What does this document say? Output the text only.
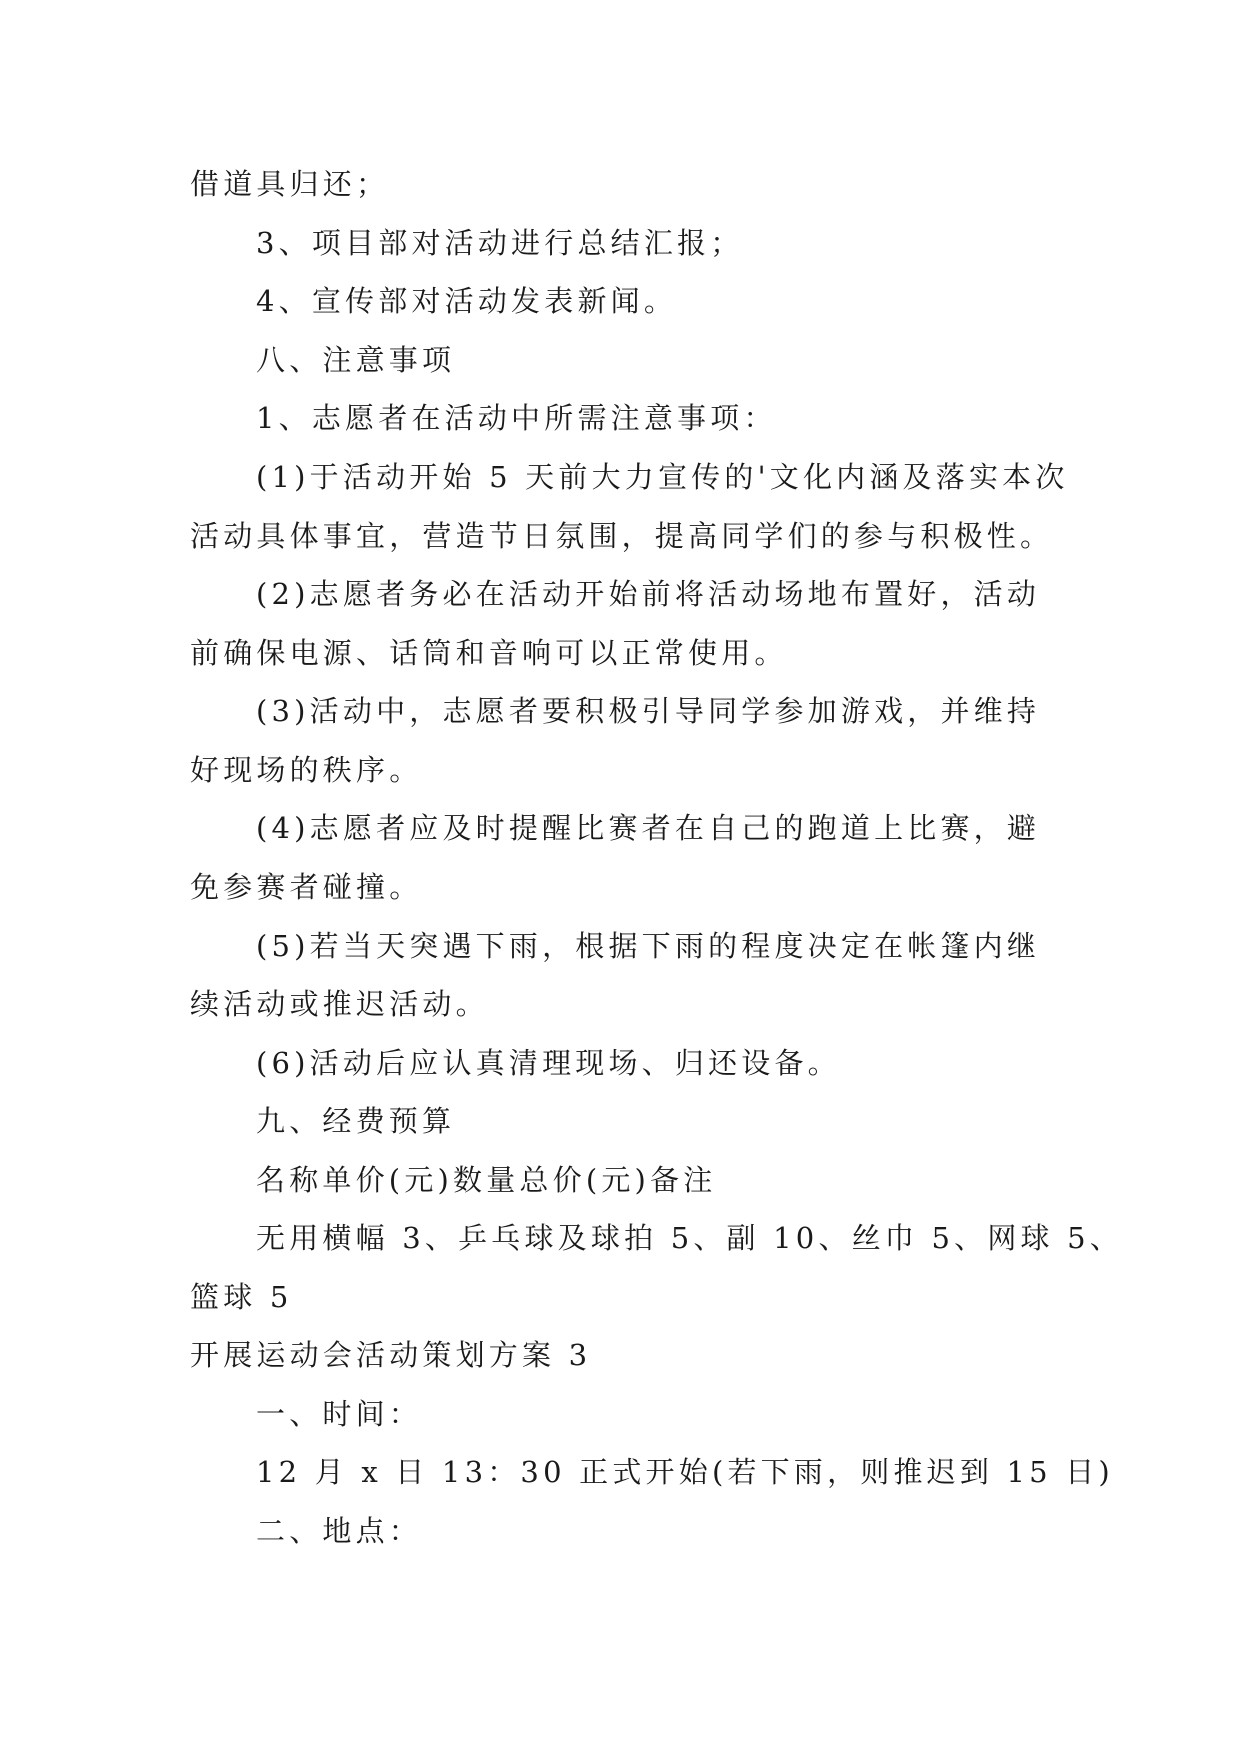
借道具归还；
3、项目部对活动进行总结汇报；
4、宣传部对活动发表新闻。
八、注意事项
1、志愿者在活动中所需注意事项：
(1)于活动开始 5 天前大力宣传的'文化内涵及落实本次
活动具体事宜，营造节日氛围，提高同学们的参与积极性。
(2)志愿者务必在活动开始前将活动场地布置好，活动
前确保电源、话筒和音响可以正常使用。
(3)活动中，志愿者要积极引导同学参加游戏，并维持
好现场的秩序。
(4)志愿者应及时提醒比赛者在自己的跑道上比赛，避
免参赛者碰撞。
(5)若当天突遇下雨，根据下雨的程度决定在帐篷内继
续活动或推迟活动。
(6)活动后应认真清理现场、归还设备。
九、经费预算
名称单价(元)数量总价(元)备注
无用横幅 3、乒乓球及球拍 5、副 10、丝巾 5、网球 5、
篮球 5
开展运动会活动策划方案 3
一、时间：
12 月 x 日 13：30 正式开始(若下雨，则推迟到 15 日)
二、地点：
